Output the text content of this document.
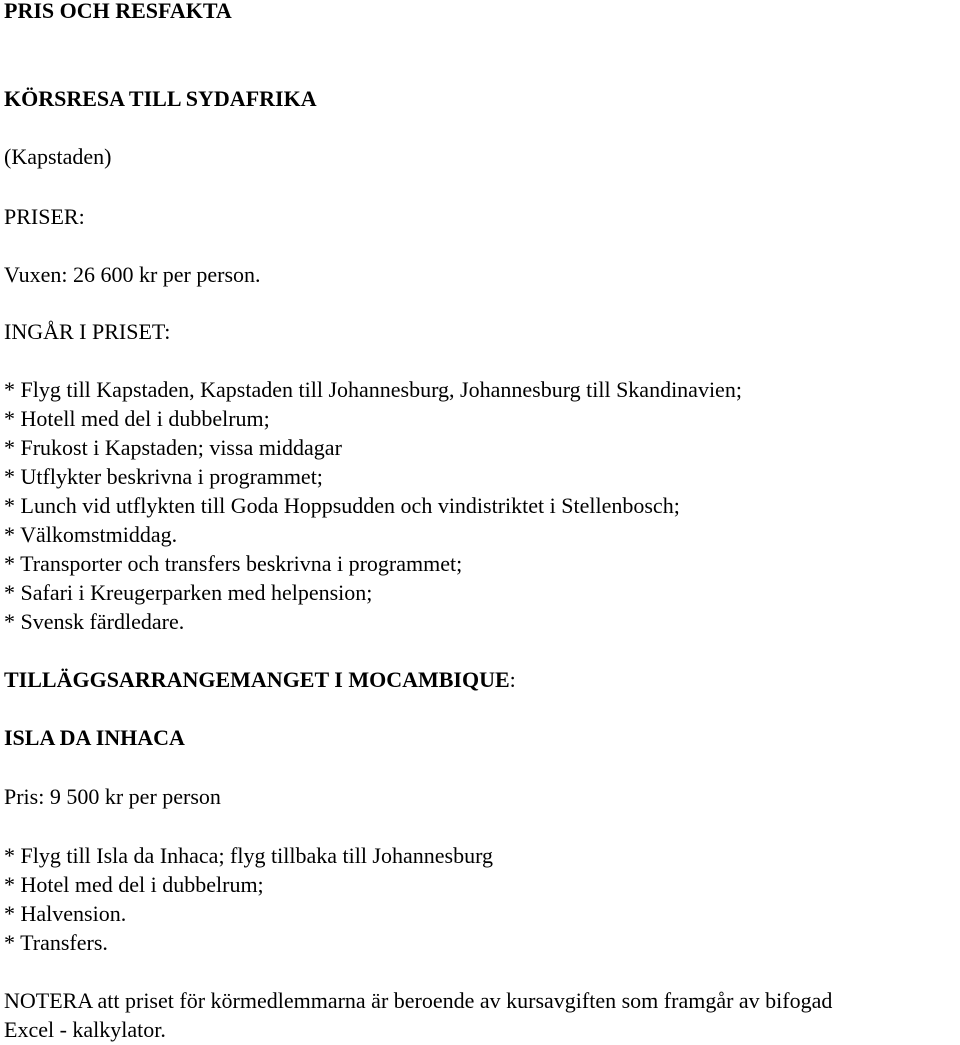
PRIS OCH RESFAKTA
KÖRSRESA TILL SYDAFRIKA
(Kapstaden)
PRISER:
Vuxen: 26 600 kr per person.
INGÅR I PRISET:
* Flyg till Kapstaden, Kapstaden till Johannesburg, Johannesburg till Skandinavien;
* Hotell med del i dubbelrum;
* Frukost i Kapstaden; vissa middagar
* Utflykter beskrivna i programmet;
* Lunch vid utflykten till Goda Hoppsudden och vindistriktet i Stellenbosch;
* Välkomstmiddag.
* Transporter och transfers beskrivna i programmet;
* Safari i Kreugerparken med helpension;
* Svensk färdledare.
TILLÄGGSARRANGEMANGET I MOCAMBIQUE:
ISLA DA INHACA
Pris: 9 500 kr per person
* Flyg till Isla da Inhaca; flyg tillbaka till Johannesburg
* Hotel med del i dubbelrum;
* Halvension.
* Transfers.
NOTERA att priset för körmedlemmarna är beroende av kursavgiften som framgår av bifogad
Excel - kalkylator.
